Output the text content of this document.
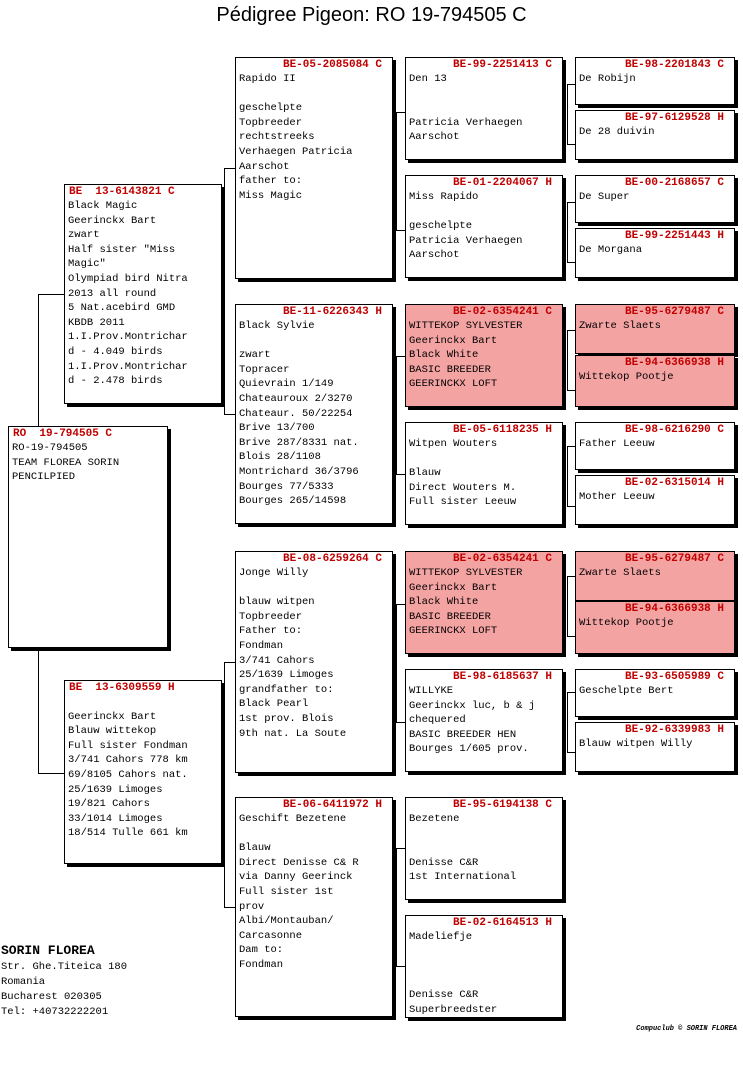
Pédigree Pigeon: RO 19-794505 C
RO  19-794505 C
RO-19-794505
TEAM FLOREA SORIN
PENCILPIED
BE  13-6143821 C
Black Magic
Geerinckx Bart
zwart
Half sister "Miss
Magic"
Olympiad bird Nitra
2013 all round
5 Nat.acebird GMD
KBDB 2011
1.I.Prov.Montrichar
d - 4.049 birds
1.I.Prov.Montrichar
d - 2.478 birds
BE  13-6309559 H
Geerinckx Bart
Blauw wittekop
Full sister Fondman
3/741 Cahors 778 km
69/8105 Cahors nat.
25/1639 Limoges
19/821 Cahors
33/1014 Limoges
18/514 Tulle 661 km
BE-05-2085084 C
Rapido II
geschelpte
Topbreeder
rechtstreeks
Verhaegen Patricia
Aarschot
father to:
Miss Magic
BE-11-6226343 H
Black Sylvie
zwart
Topracer
Quievrain 1/149
Chateauroux 2/3270
Chateaur. 50/22254
Brive 13/700
Brive 287/8331 nat.
Blois 28/1108
Montrichard 36/3796
Bourges 77/5333
Bourges 265/14598
BE-08-6259264 C
Jonge Willy
blauw witpen
Topbreeder
Father to:
Fondman
3/741 Cahors
25/1639 Limoges
grandfather to:
Black Pearl
1st prov. Blois
9th nat. La Soute
BE-06-6411972 H
Geschift Bezetene
Blauw
Direct Denisse C& R
via Danny Geerinck
Full sister 1st
prov
Albi/Montauban/
Carcasonne
Dam to:
Fondman
BE-99-2251413 C
Den 13
Patricia Verhaegen
Aarschot
BE-01-2204067 H
Miss Rapido
geschelpte
Patricia Verhaegen
Aarschot
BE-02-6354241 C
WITTEKOP SYLVESTER
Geerinckx Bart
Black White
BASIC BREEDER
GEERINCKX LOFT
BE-05-6118235 H
Witpen Wouters
Blauw
Direct Wouters M.
Full sister Leeuw
BE-02-6354241 C
WITTEKOP SYLVESTER
Geerinckx Bart
Black White
BASIC BREEDER
GEERINCKX LOFT
BE-98-6185637 H
WILLYKE
Geerinckx luc, b & j
chequered
BASIC BREEDER HEN
Bourges 1/605 prov.
BE-95-6194138 C
Bezetene
Denisse C&R
1st International
BE-02-6164513 H
Madeliefje
Denisse C&R
Superbreedster
BE-98-2201843 C
De Robijn
BE-97-6129528 H
De 28 duivin
BE-00-2168657 C
De Super
BE-99-2251443 H
De Morgana
BE-95-6279487 C
Zwarte Slaets
BE-94-6366938 H
Wittekop Pootje
BE-98-6216290 C
Father Leeuw
BE-02-6315014 H
Mother Leeuw
BE-95-6279487 C
Zwarte Slaets
BE-94-6366938 H
Wittekop Pootje
BE-93-6505989 C
Geschelpte Bert
BE-92-6339983 H
Blauw witpen Willy
SORIN FLOREA
Str. Ghe.Titeica 180
Romania
Bucharest 020305
Tel: +40732222201
Compuclub © SORIN FLOREA
